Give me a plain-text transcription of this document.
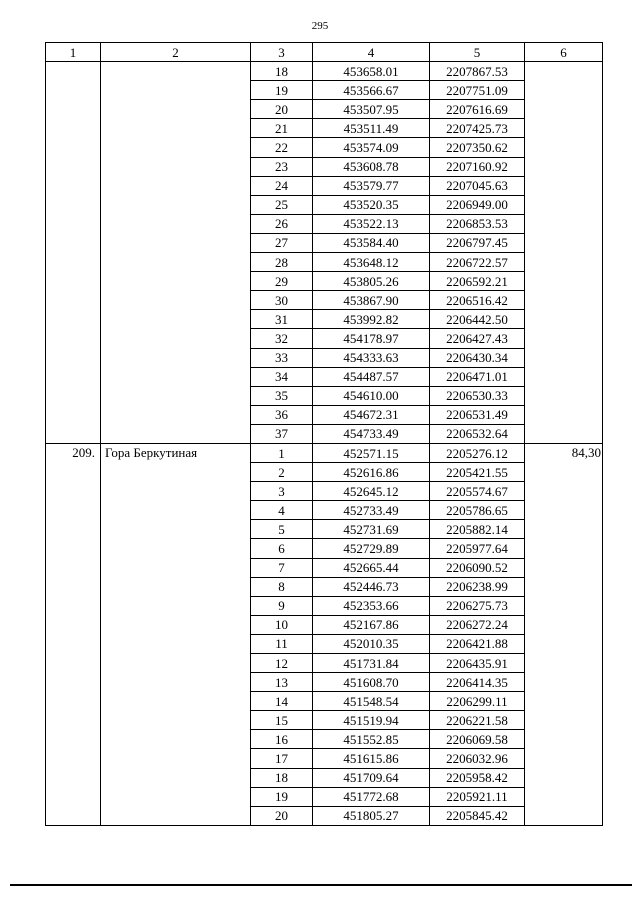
295
1	2	3	4	5	6
		18	453658.01	2207867.53	
		19	453566.67	2207751.09	
		20	453507.95	2207616.69	
		21	453511.49	2207425.73	
		22	453574.09	2207350.62	
		23	453608.78	2207160.92	
		24	453579.77	2207045.63	
		25	453520.35	2206949.00	
		26	453522.13	2206853.53	
		27	453584.40	2206797.45	
		28	453648.12	2206722.57	
		29	453805.26	2206592.21	
		30	453867.90	2206516.42	
		31	453992.82	2206442.50	
		32	454178.97	2206427.43	
		33	454333.63	2206430.34	
		34	454487.57	2206471.01	
		35	454610.00	2206530.33	
		36	454672.31	2206531.49	
		37	454733.49	2206532.64	
209.	Гора Беркутиная	1	452571.15	2205276.12	84,30
		2	452616.86	2205421.55	
		3	452645.12	2205574.67	
		4	452733.49	2205786.65	
		5	452731.69	2205882.14	
		6	452729.89	2205977.64	
		7	452665.44	2206090.52	
		8	452446.73	2206238.99	
		9	452353.66	2206275.73	
		10	452167.86	2206272.24	
		11	452010.35	2206421.88	
		12	451731.84	2206435.91	
		13	451608.70	2206414.35	
		14	451548.54	2206299.11	
		15	451519.94	2206221.58	
		16	451552.85	2206069.58	
		17	451615.86	2206032.96	
		18	451709.64	2205958.42	
		19	451772.68	2205921.11	
		20	451805.27	2205845.42	
